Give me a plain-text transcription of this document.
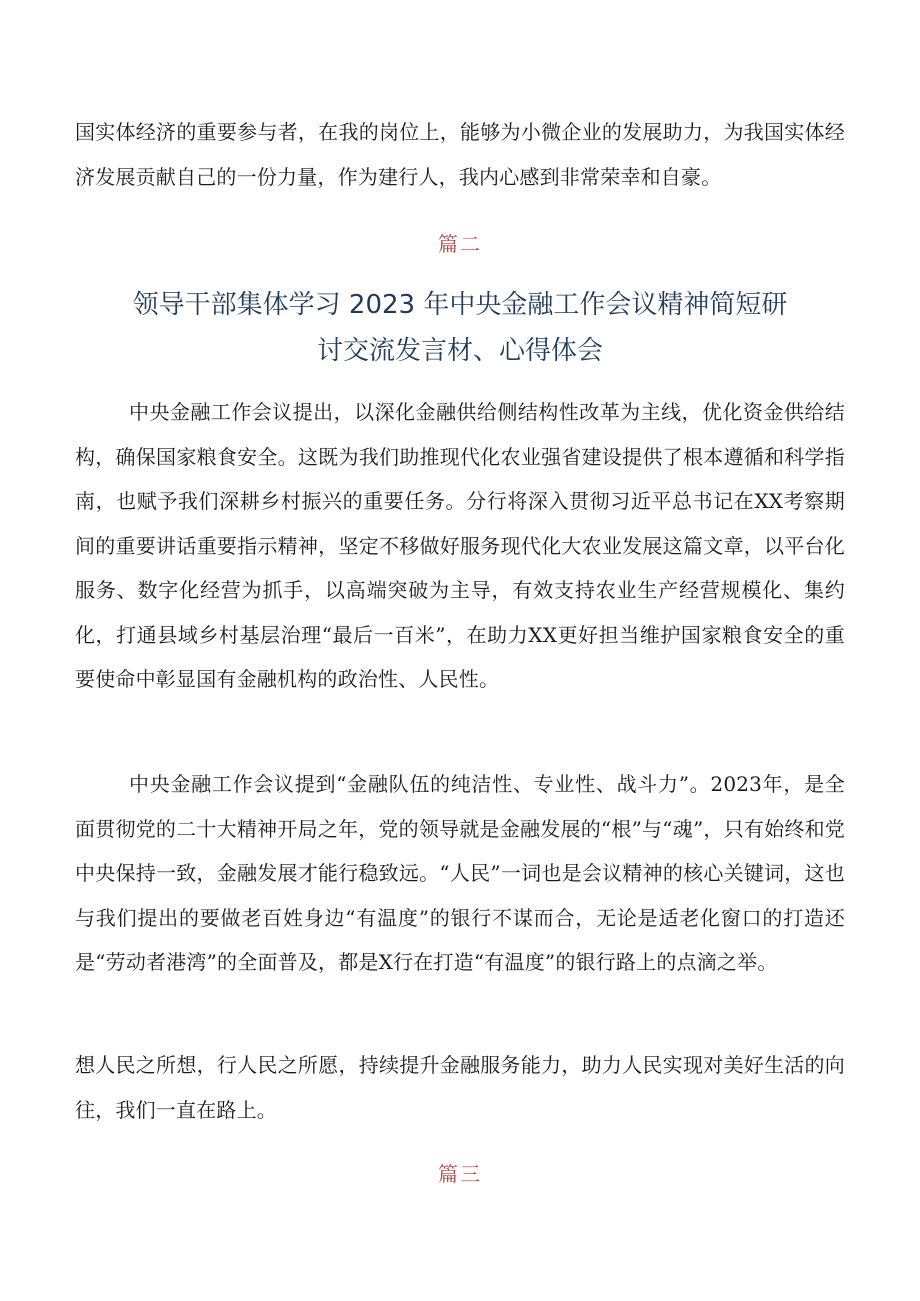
国实体经济的重要参与者，在我的岗位上，能够为小微企业的发展助力，为我国实体经济发展贡献自己的一份力量，作为建行人，我内心感到非常荣幸和自豪。

篇二

领导干部集体学习 2023 年中央金融工作会议精神简短研
讨交流发言材、心得体会

中央金融工作会议提出，以深化金融供给侧结构性改革为主线，优化资金供给结构，确保国家粮食安全。这既为我们助推现代化农业强省建设提供了根本遵循和科学指南，也赋予我们深耕乡村振兴的重要任务。分行将深入贯彻习近平总书记在XX考察期间的重要讲话重要指示精神，坚定不移做好服务现代化大农业发展这篇文章，以平台化服务、数字化经营为抓手，以高端突破为主导，有效支持农业生产经营规模化、集约化，打通县域乡村基层治理“最后一百米”，在助力XX更好担当维护国家粮食安全的重要使命中彰显国有金融机构的政治性、人民性。

中央金融工作会议提到“金融队伍的纯洁性、专业性、战斗力”。2023年，是全面贯彻党的二十大精神开局之年，党的领导就是金融发展的“根”与“魂”，只有始终和党中央保持一致，金融发展才能行稳致远。“人民”一词也是会议精神的核心关键词，这也与我们提出的要做老百姓身边“有温度”的银行不谋而合，无论是适老化窗口的打造还是“劳动者港湾”的全面普及，都是X行在打造“有温度”的银行路上的点滴之举。

想人民之所想，行人民之所愿，持续提升金融服务能力，助力人民实现对美好生活的向往，我们一直在路上。

篇三
